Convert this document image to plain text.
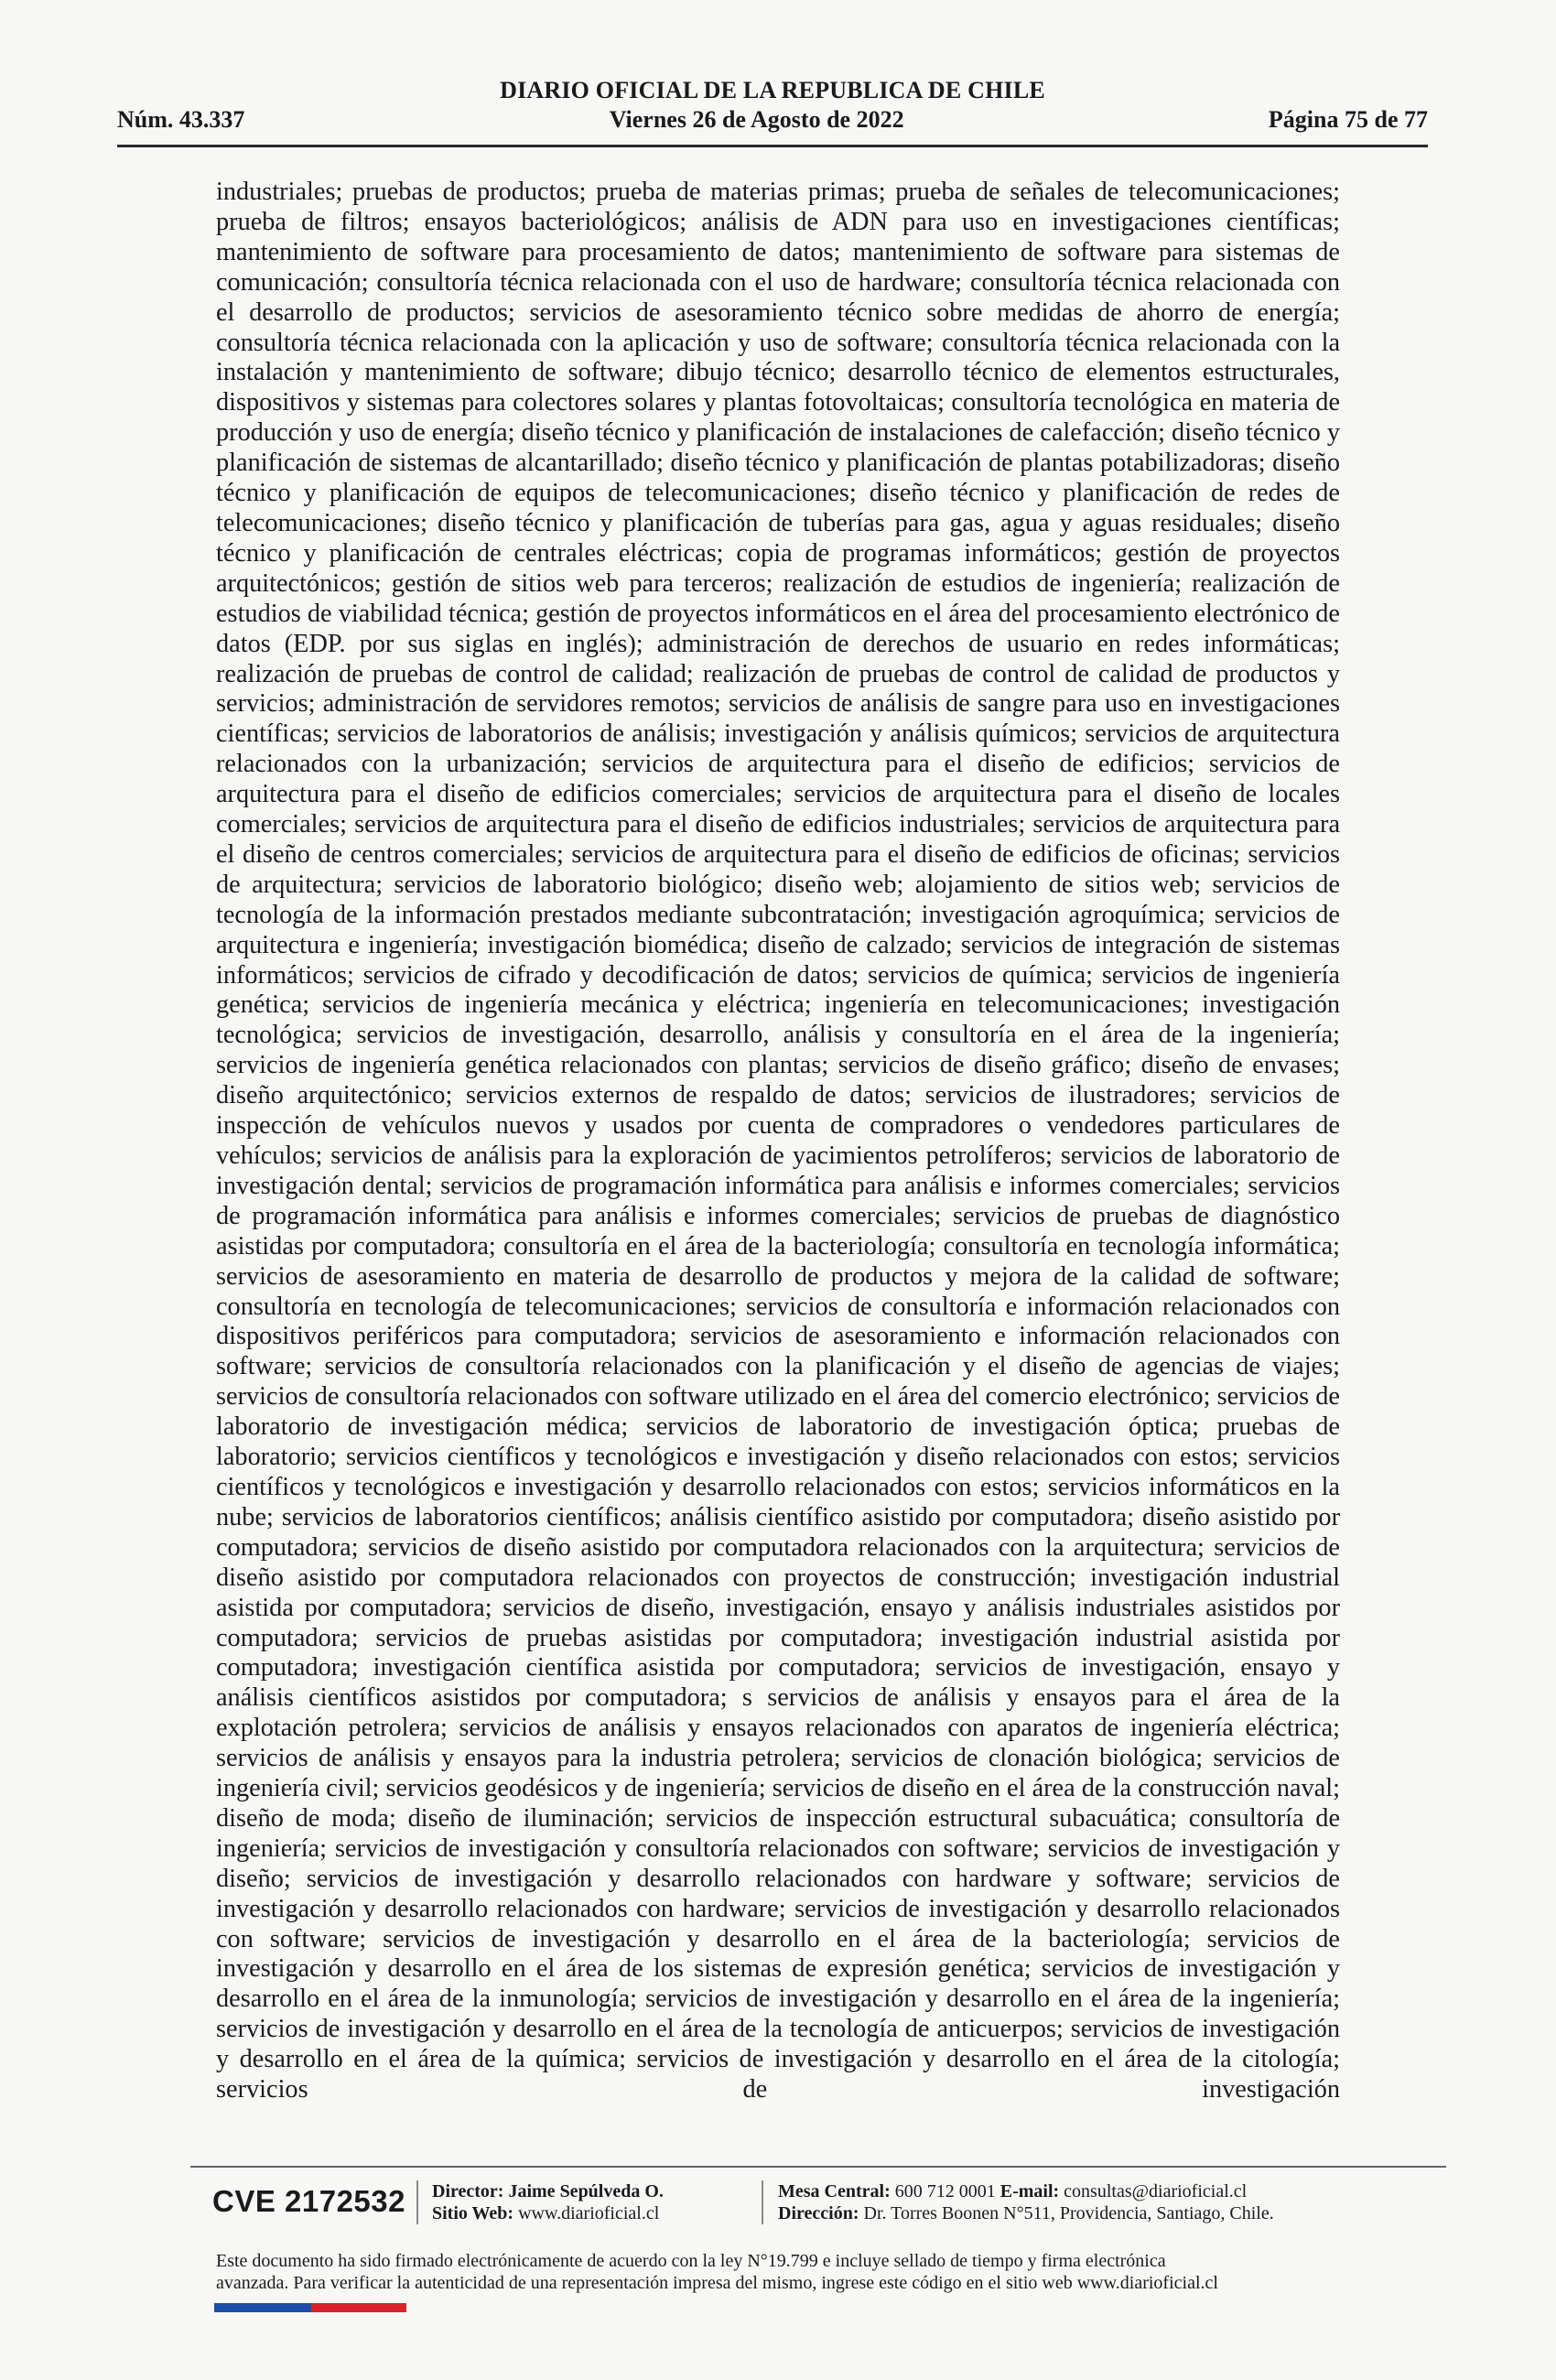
DIARIO OFICIAL DE LA REPUBLICA DE CHILE
Núm. 43.337	Viernes 26 de Agosto de 2022	Página 75 de 77
industriales; pruebas de productos; prueba de materias primas; prueba de señales de telecomunicaciones; prueba de filtros; ensayos bacteriológicos; análisis de ADN para uso en investigaciones científicas; mantenimiento de software para procesamiento de datos; mantenimiento de software para sistemas de comunicación; consultoría técnica relacionada con el uso de hardware; consultoría técnica relacionada con el desarrollo de productos; servicios de asesoramiento técnico sobre medidas de ahorro de energía; consultoría técnica relacionada con la aplicación y uso de software; consultoría técnica relacionada con la instalación y mantenimiento de software; dibujo técnico; desarrollo técnico de elementos estructurales, dispositivos y sistemas para colectores solares y plantas fotovoltaicas; consultoría tecnológica en materia de producción y uso de energía; diseño técnico y planificación de instalaciones de calefacción; diseño técnico y planificación de sistemas de alcantarillado; diseño técnico y planificación de plantas potabilizadoras; diseño técnico y planificación de equipos de telecomunicaciones; diseño técnico y planificación de redes de telecomunicaciones; diseño técnico y planificación de tuberías para gas, agua y aguas residuales; diseño técnico y planificación de centrales eléctricas; copia de programas informáticos; gestión de proyectos arquitectónicos; gestión de sitios web para terceros; realización de estudios de ingeniería; realización de estudios de viabilidad técnica; gestión de proyectos informáticos en el área del procesamiento electrónico de datos (EDP. por sus siglas en inglés); administración de derechos de usuario en redes informáticas; realización de pruebas de control de calidad; realización de pruebas de control de calidad de productos y servicios; administración de servidores remotos; servicios de análisis de sangre para uso en investigaciones científicas; servicios de laboratorios de análisis; investigación y análisis químicos; servicios de arquitectura relacionados con la urbanización; servicios de arquitectura para el diseño de edificios; servicios de arquitectura para el diseño de edificios comerciales; servicios de arquitectura para el diseño de locales comerciales; servicios de arquitectura para el diseño de edificios industriales; servicios de arquitectura para el diseño de centros comerciales; servicios de arquitectura para el diseño de edificios de oficinas; servicios de arquitectura; servicios de laboratorio biológico; diseño web; alojamiento de sitios web; servicios de tecnología de la información prestados mediante subcontratación; investigación agroquímica; servicios de arquitectura e ingeniería; investigación biomédica; diseño de calzado; servicios de integración de sistemas informáticos; servicios de cifrado y decodificación de datos; servicios de química; servicios de ingeniería genética; servicios de ingeniería mecánica y eléctrica; ingeniería en telecomunicaciones; investigación tecnológica; servicios de investigación, desarrollo, análisis y consultoría en el área de la ingeniería; servicios de ingeniería genética relacionados con plantas; servicios de diseño gráfico; diseño de envases; diseño arquitectónico; servicios externos de respaldo de datos; servicios de ilustradores; servicios de inspección de vehículos nuevos y usados por cuenta de compradores o vendedores particulares de vehículos; servicios de análisis para la exploración de yacimientos petrolíferos; servicios de laboratorio de investigación dental; servicios de programación informática para análisis e informes comerciales; servicios de programación informática para análisis e informes comerciales; servicios de pruebas de diagnóstico asistidas por computadora; consultoría en el área de la bacteriología; consultoría en tecnología informática; servicios de asesoramiento en materia de desarrollo de productos y mejora de la calidad de software; consultoría en tecnología de telecomunicaciones; servicios de consultoría e información relacionados con dispositivos periféricos para computadora; servicios de asesoramiento e información relacionados con software; servicios de consultoría relacionados con la planificación y el diseño de agencias de viajes; servicios de consultoría relacionados con software utilizado en el área del comercio electrónico; servicios de laboratorio de investigación médica; servicios de laboratorio de investigación óptica; pruebas de laboratorio; servicios científicos y tecnológicos e investigación y diseño relacionados con estos; servicios científicos y tecnológicos e investigación y desarrollo relacionados con estos; servicios informáticos en la nube; servicios de laboratorios científicos; análisis científico asistido por computadora; diseño asistido por computadora; servicios de diseño asistido por computadora relacionados con la arquitectura; servicios de diseño asistido por computadora relacionados con proyectos de construcción; investigación industrial asistida por computadora; servicios de diseño, investigación, ensayo y análisis industriales asistidos por computadora; servicios de pruebas asistidas por computadora; investigación industrial asistida por computadora; investigación científica asistida por computadora; servicios de investigación, ensayo y análisis científicos asistidos por computadora; s servicios de análisis y ensayos para el área de la explotación petrolera; servicios de análisis y ensayos relacionados con aparatos de ingeniería eléctrica; servicios de análisis y ensayos para la industria petrolera; servicios de clonación biológica; servicios de ingeniería civil; servicios geodésicos y de ingeniería; servicios de diseño en el área de la construcción naval; diseño de moda; diseño de iluminación; servicios de inspección estructural subacuática; consultoría de ingeniería; servicios de investigación y consultoría relacionados con software; servicios de investigación y diseño; servicios de investigación y desarrollo relacionados con hardware y software; servicios de investigación y desarrollo relacionados con hardware; servicios de investigación y desarrollo relacionados con software; servicios de investigación y desarrollo en el área de la bacteriología; servicios de investigación y desarrollo en el área de los sistemas de expresión genética; servicios de investigación y desarrollo en el área de la inmunología; servicios de investigación y desarrollo en el área de la ingeniería; servicios de investigación y desarrollo en el área de la tecnología de anticuerpos; servicios de investigación y desarrollo en el área de la química; servicios de investigación y desarrollo en el área de la citología; servicios de investigación
CVE 2172532 Director: Jaime Sepúlveda O.
Sitio Web: www.diarioficial.cl
Mesa Central: 600 712 0001 E-mail: consultas@diarioficial.cl
Dirección: Dr. Torres Boonen N°511, Providencia, Santiago, Chile.
Este documento ha sido firmado electrónicamente de acuerdo con la ley N°19.799 e incluye sellado de tiempo y firma electrónica
avanzada. Para verificar la autenticidad de una representación impresa del mismo, ingrese este código en el sitio web www.diarioficial.cl
